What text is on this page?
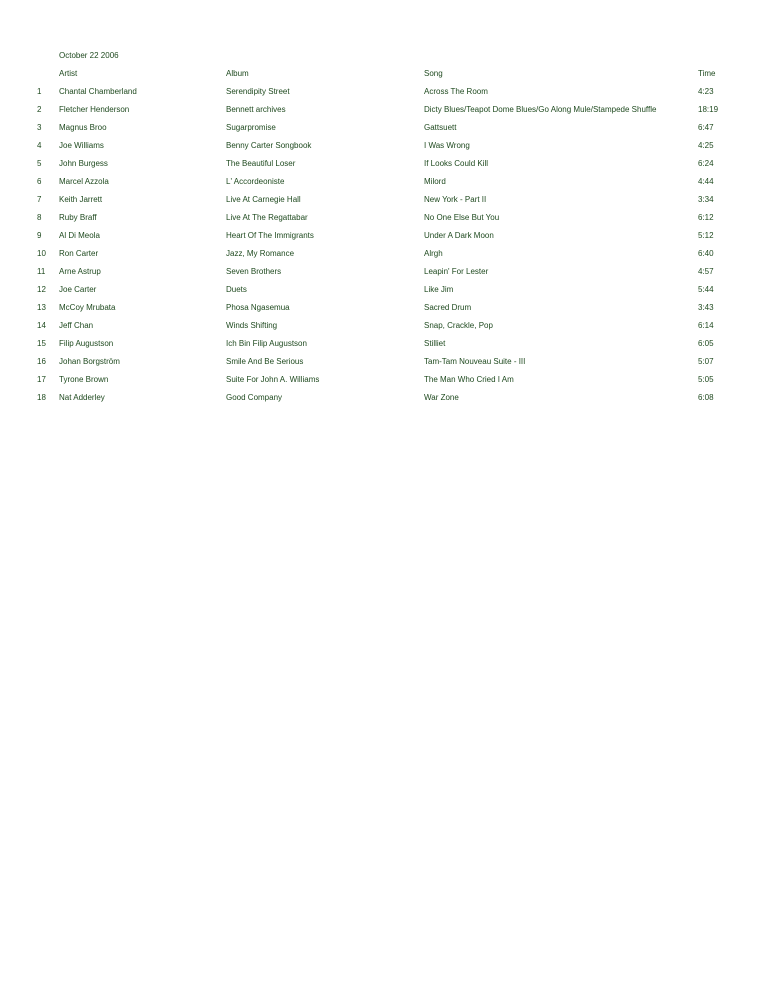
October 22 2006
Artist	Album	Song	Time
1 Chantal Chamberland	Serendipity Street	Across The Room	4:23
2 Fletcher Henderson	Bennett archives	Dicty Blues/Teapot Dome Blues/Go Along Mule/Stampede Shuffle	18:19
3 Magnus Broo	Sugarpromise	Gattsuett	6:47
4 Joe Williams	Benny Carter Songbook	I Was Wrong	4:25
5 John Burgess	The Beautiful Loser	If Looks Could Kill	6:24
6 Marcel Azzola	L' Accordeoniste	Milord	4:44
7 Keith Jarrett	Live At Carnegie Hall	New York - Part II	3:34
8 Ruby Braff	Live At The Regattabar	No One Else But You	6:12
9 Al Di Meola	Heart Of The Immigrants	Under A Dark Moon	5:12
10 Ron Carter	Jazz, My Romance	Alrgh	6:40
11 Arne Astrup	Seven Brothers	Leapin' For Lester	4:57
12 Joe Carter	Duets	Like Jim	5:44
13 McCoy Mrubata	Phosa Ngasemua	Sacred Drum	3:43
14 Jeff Chan	Winds Shifting	Snap, Crackle, Pop	6:14
15 Filip Augustson	Ich Bin Filip Augustson	Stilliet	6:05
16 Johan Borgström	Smile And Be Serious	Tam-Tam Nouveau Suite - III	5:07
17 Tyrone Brown	Suite For John A. Williams	The Man Who Cried I Am	5:05
18 Nat Adderley	Good Company	War Zone	6:08
